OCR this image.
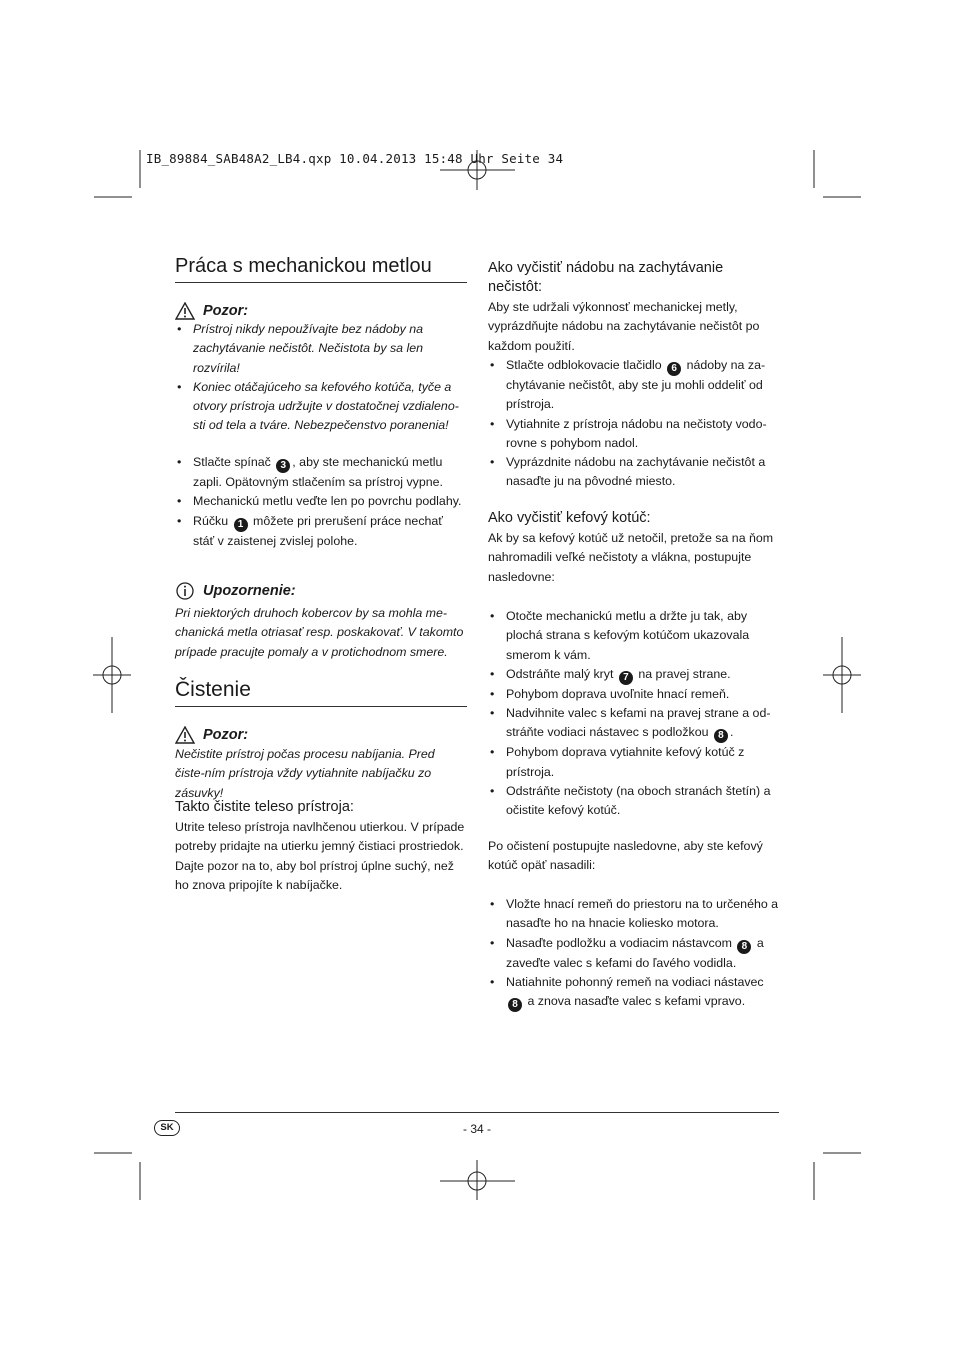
IB_89884_SAB48A2_LB4.qxp 10.04.2013 15:48 Uhr Seite 34
Práca s mechanickou metlou
Pozor:
• Prístroj nikdy nepoužívajte bez nádoby na zachytávanie nečistôt. Nečistota by sa len rozvírila!
• Koniec otáčajúceho sa kefového kotúča, tyče a otvory prístroja udržujte v dostatočnej vzdialeno-sti od tela a tváre. Nebezpečenstvo poranenia!
• Stlačte spínač 3 , aby ste mechanickú metlu zapli. Opätovným stlačením sa prístroj vypne.
• Mechanickú metlu veďte len po povrchu podlahy.
• Rúčku 1 môžete pri prerušení práce nechať stáť v zaistenej zvislej polohe.
Upozornenie:

Pri niektorých druhoch kobercov by sa mohla me-chanická metla otriasať resp. poskakovať. V takomto prípade pracujte pomaly a v protichodnom smere.

Čistenie
Pozor:

Nečistite prístroj počas procesu nabíjania. Pred čiste-ním prístroja vždy vytiahnite nabíjačku zo zásuvky!

Takto čistite teleso prístroja:

Utrite teleso prístroja navlhčenou utierkou. V prípade potreby pridajte na utierku jemný čistiaci prostriedok. Dajte pozor na to, aby bol prístroj úplne suchý, než ho znova pripojíte k nabíjačke.

Ako vyčistiť nádobu na zachytávanie nečistôt:

Aby ste udržali výkonnosť mechanickej metly, vyprázdňujte nádobu na zachytávanie nečistôt po každom použití.

• Stlačte odblokovacie tlačidlo 6 nádoby na za-chytávanie nečistôt, aby ste ju mohli oddeliť od prístroja.
• Vytiahnite z prístroja nádobu na nečistoty vodo-rovne s pohybom nadol.
• Vyprázdnite nádobu na zachytávanie nečistôt a nasaďte ju na pôvodné miesto.
Ako vyčistiť kefový kotúč:

Ak by sa kefový kotúč už netočil, pretože sa na ňom nahromadili veľké nečistoty a vlákna, postupujte nasledovne:

• Otočte mechanickú metlu a držte ju tak, aby plochá strana s kefovým kotúčom ukazovala smerom k vám.
• Odstráňte malý kryt 7 na pravej strane.
• Pohybom doprava uvoľnite hnací remeň.
• Nadvihnite valec s kefami na pravej strane a od-stráňte vodiaci nástavec s podložkou 8 .
• Pohybom doprava vytiahnite kefový kotúč z prístroja.
• Odstráňte nečistoty (na oboch stranách štetín) a očistite kefový kotúč.

Po očistení postupujte nasledovne, aby ste kefový kotúč opäť nasadili:

• Vložte hnací remeň do priestoru na to určeného a nasaďte ho na hnacie koliesko motora.
• Nasaďte podložku a vodiacim nástavcom 8 a zaveďte valec s kefami do ľavého vodidla.
• Natiahnite pohonný remeň na vodiaci nástavec 8 a znova nasaďte valec s kefami vpravo.
SK	- 34 -
